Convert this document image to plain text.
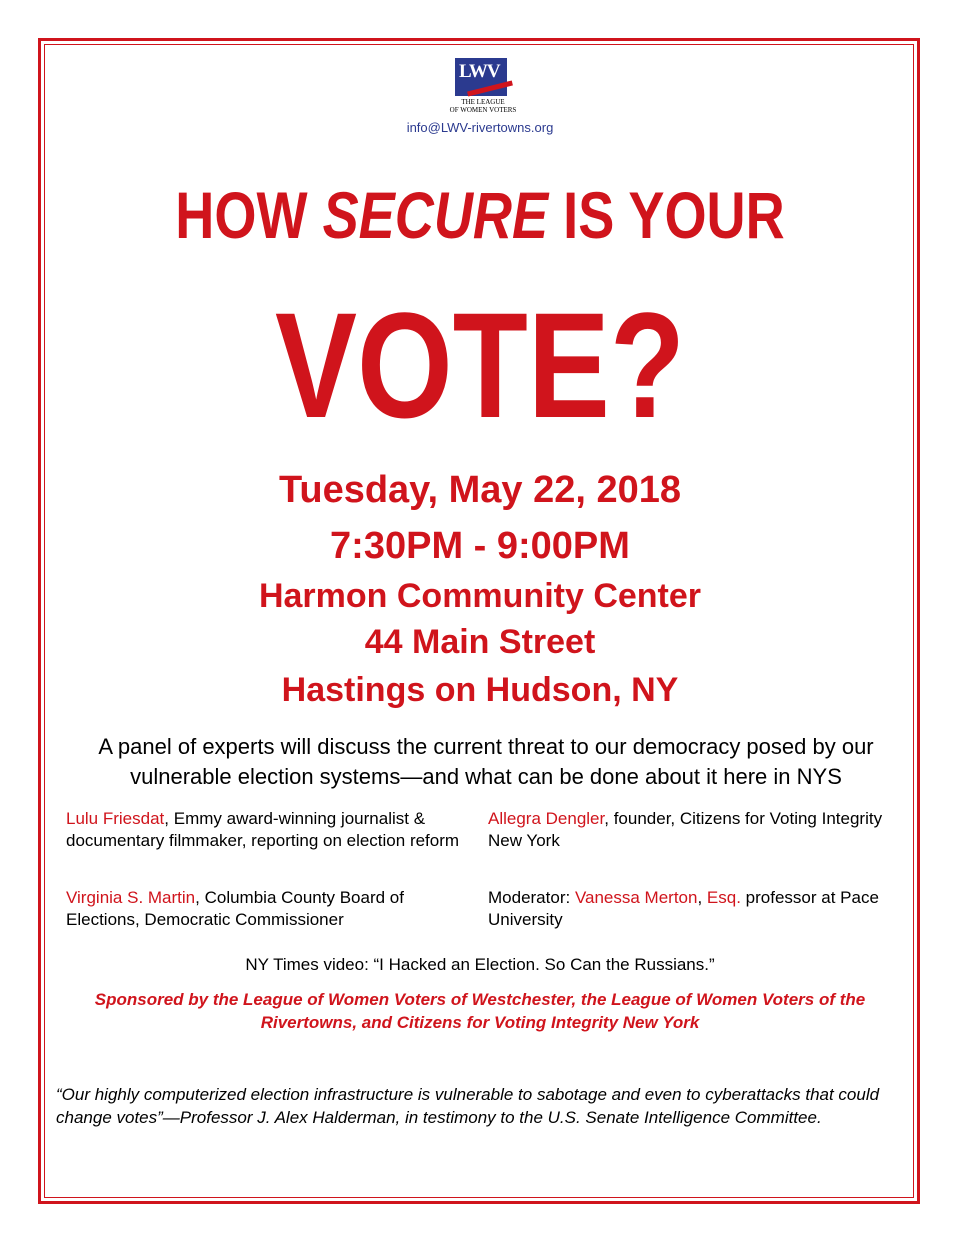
LWV
THE LEAGUE
OF WOMEN VOTERS
info@LWV-rivertowns.org
HOW SECURE IS YOUR
VOTE?
Tuesday, May 22, 2018
7:30PM - 9:00PM
Harmon Community Center
44 Main Street
Hastings on Hudson, NY
A panel of experts will discuss the current threat to our democracy posed by our vulnerable election systems—and what can be done about it here in NYS
Lulu Friesdat, Emmy award-winning journalist & documentary filmmaker, reporting on election reform
Allegra Dengler, founder, Citizens for Voting Integrity New York
Virginia S. Martin, Columbia County Board of Elections, Democratic Commissioner
Moderator: Vanessa Merton, Esq. professor at Pace University
NY Times video: “I Hacked an Election. So Can the Russians.”
Sponsored by the League of Women Voters of Westchester, the League of Women Voters of the Rivertowns, and Citizens for Voting Integrity New York
“Our highly computerized election infrastructure is vulnerable to sabotage and even to cyberattacks that could change votes”—Professor J. Alex Halderman, in testimony to the U.S. Senate Intelligence Committee.
